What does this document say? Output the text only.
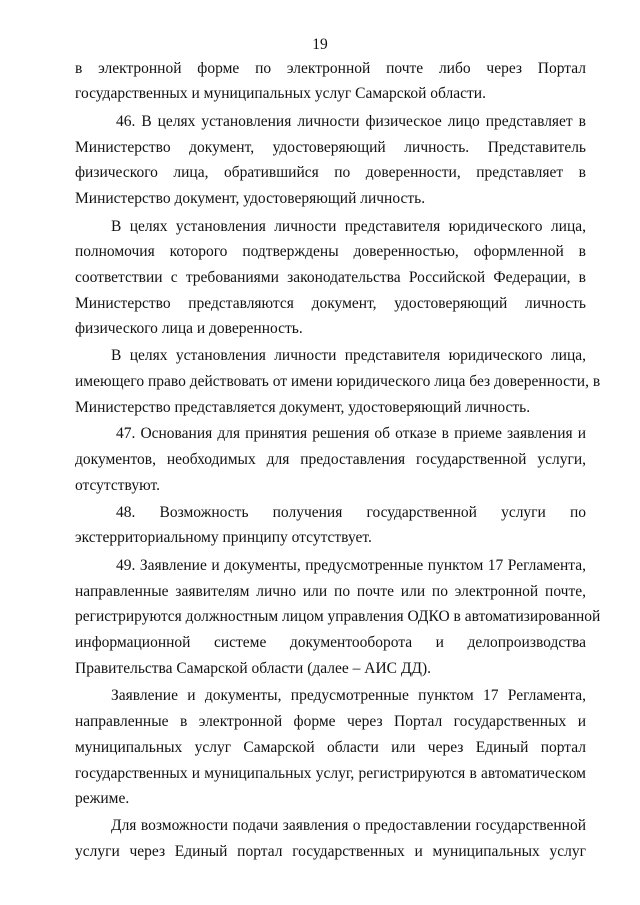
19
в электронной форме по электронной почте либо через Портал
государственных и муниципальных услуг Самарской области.
46. В целях установления личности физическое лицо представляет в
Министерство документ, удостоверяющий личность. Представитель
физического лица, обратившийся по доверенности, представляет в
Министерство документ, удостоверяющий личность.
В целях установления личности представителя юридического лица,
полномочия которого подтверждены доверенностью, оформленной в
соответствии с требованиями законодательства Российской Федерации, в
Министерство представляются документ, удостоверяющий личность
физического лица и доверенность.
В целях установления личности представителя юридического лица,
имеющего право действовать от имени юридического лица без доверенности, в
Министерство представляется документ, удостоверяющий личность.
47. Основания для принятия решения об отказе в приеме заявления и
документов, необходимых для предоставления государственной услуги,
отсутствуют.
48. Возможность получения государственной услуги по
экстерриториальному принципу отсутствует.
49. Заявление и документы, предусмотренные пунктом 17 Регламента,
направленные заявителям лично или по почте или по электронной почте,
регистрируются должностным лицом управления ОДКО в автоматизированной
информационной системе документооборота и делопроизводства
Правительства Самарской области (далее – АИС ДД).
Заявление и документы, предусмотренные пунктом 17 Регламента,
направленные в электронной форме через Портал государственных и
муниципальных услуг Самарской области или через Единый портал
государственных и муниципальных услуг, регистрируются в автоматическом
режиме.
Для возможности подачи заявления о предоставлении государственной
услуги через Единый портал государственных и муниципальных услуг
